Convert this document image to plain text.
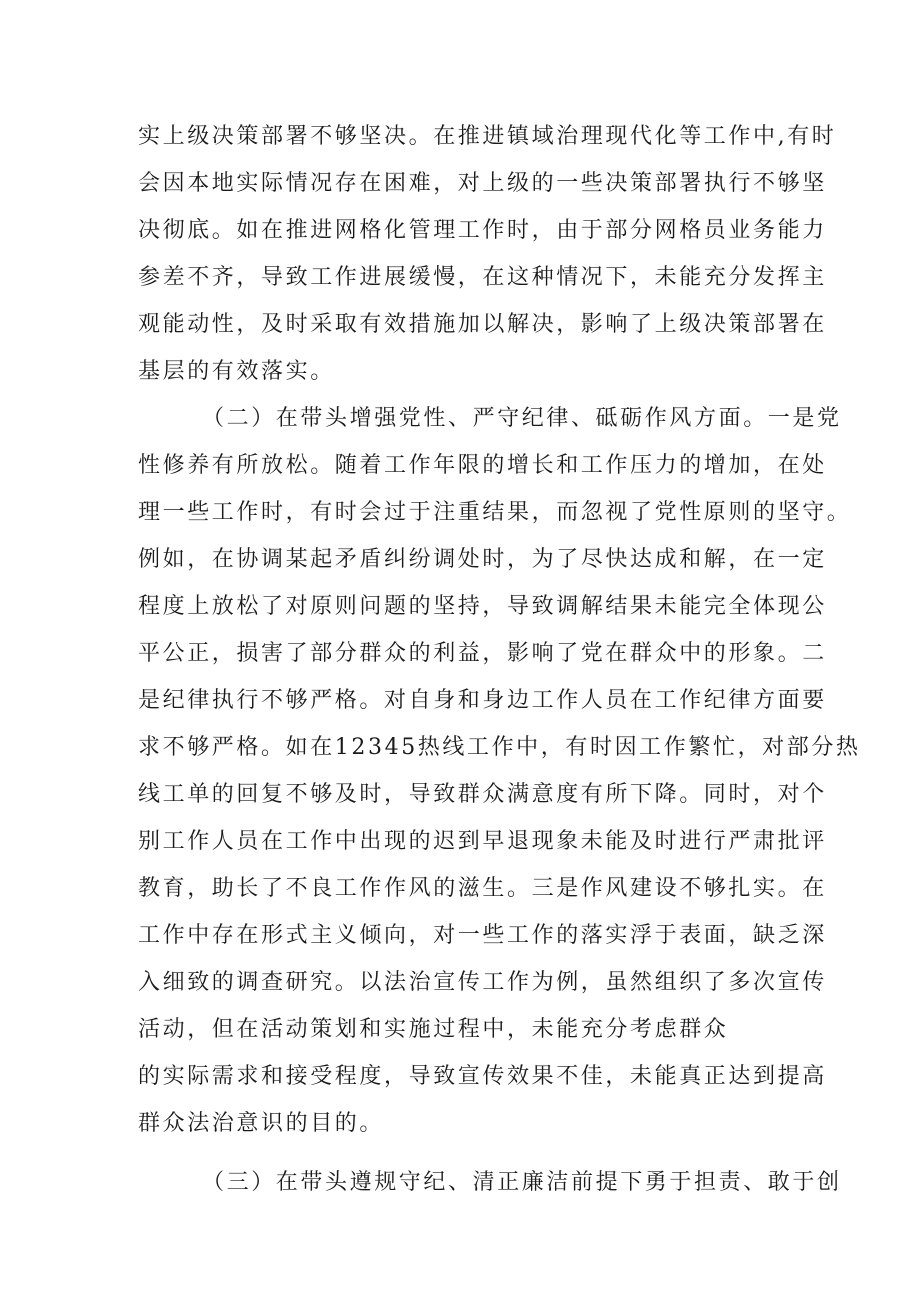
实上级决策部署不够坚决。在推进镇域治理现代化等工作中,有时
会因本地实际情况存在困难，对上级的一些决策部署执行不够坚
决彻底。如在推进网格化管理工作时，由于部分网格员业务能力
参差不齐，导致工作进展缓慢，在这种情况下，未能充分发挥主
观能动性，及时采取有效措施加以解决，影响了上级决策部署在
基层的有效落实。
（二）在带头增强党性、严守纪律、砥砺作风方面。一是党
性修养有所放松。随着工作年限的增长和工作压力的增加，在处
理一些工作时，有时会过于注重结果，而忽视了党性原则的坚守。
例如，在协调某起矛盾纠纷调处时，为了尽快达成和解，在一定
程度上放松了对原则问题的坚持，导致调解结果未能完全体现公
平公正，损害了部分群众的利益，影响了党在群众中的形象。二
是纪律执行不够严格。对自身和身边工作人员在工作纪律方面要
求不够严格。如在12345热线工作中，有时因工作繁忙，对部分热
线工单的回复不够及时，导致群众满意度有所下降。同时，对个
别工作人员在工作中出现的迟到早退现象未能及时进行严肃批评
教育，助长了不良工作作风的滋生。三是作风建设不够扎实。在
工作中存在形式主义倾向，对一些工作的落实浮于表面，缺乏深
入细致的调查研究。以法治宣传工作为例，虽然组织了多次宣传
活动，但在活动策划和实施过程中，未能充分考虑群众
的实际需求和接受程度，导致宣传效果不佳，未能真正达到提高
群众法治意识的目的。
（三）在带头遵规守纪、清正廉洁前提下勇于担责、敢于创
